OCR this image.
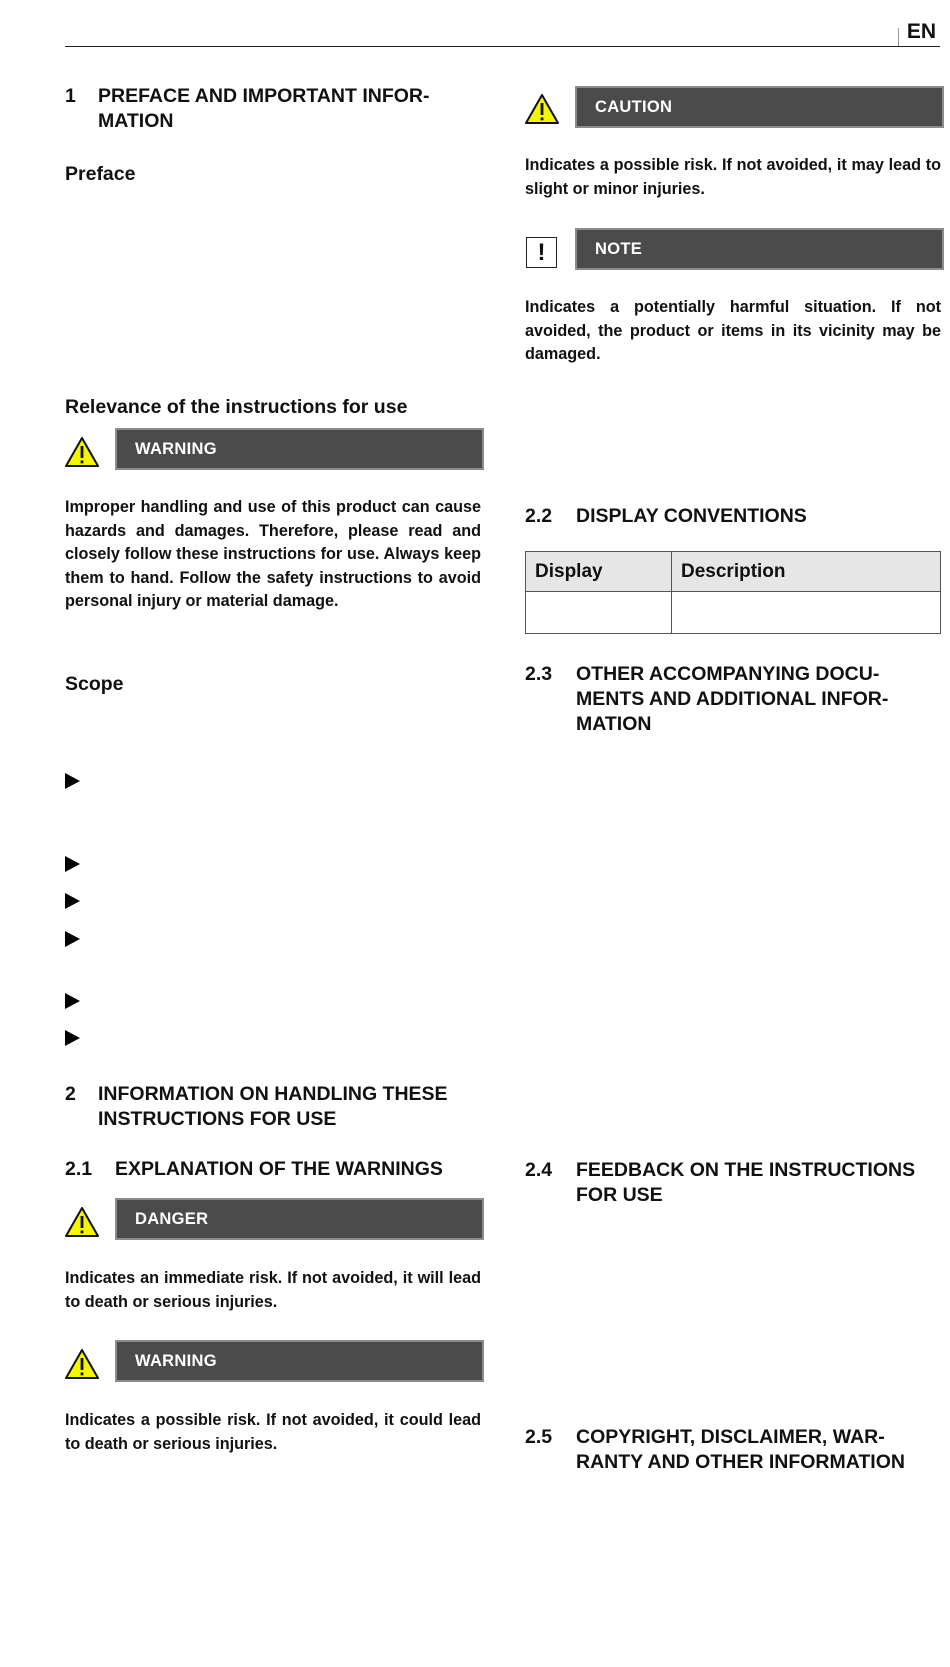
EN
1 PREFACE AND IMPORTANT INFOR-
MATION
Preface
Relevance of the instructions for use
WARNING
Improper handling and use of this product can cause hazards and damages. Therefore, please read and closely follow these instructions for use. Always keep them to hand. Follow the safety instructions to avoid personal injury or material damage.
Scope
2 INFORMATION ON HANDLING THESE
INSTRUCTIONS FOR USE
2.1 EXPLANATION OF THE WARNINGS
DANGER
Indicates an immediate risk. If not avoided, it will lead to death or serious injuries.
WARNING
Indicates a possible risk. If not avoided, it could lead to death or serious injuries.
CAUTION
Indicates a possible risk. If not avoided, it may lead to slight or minor injuries.
!	NOTE
Indicates a potentially harmful situation. If not avoided, the product or items in its vicinity may be damaged.
2.2 DISPLAY CONVENTIONS
Display	Description

2.3 OTHER ACCOMPANYING DOCU-
MENTS AND ADDITIONAL INFOR-
MATION
2.4 FEEDBACK ON THE INSTRUCTIONS
FOR USE
2.5 COPYRIGHT, DISCLAIMER, WAR-
RANTY AND OTHER INFORMATION
